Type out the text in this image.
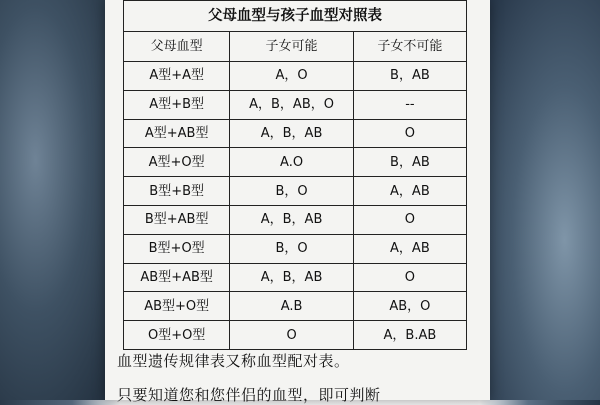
父母血型与孩子血型对照表		
父母血型	子女可能	子女不可能
A型+A型	A，O	B，AB
A型+B型	A，B，AB，O	--
A型+AB型	A，B，AB	O
A型+O型	A.O	B，AB
B型+B型	B，O	A，AB
B型+AB型	A，B，AB	O
B型+O型	B，O	A，AB
AB型+AB型	A，B，AB	O
AB型+O型	A.B	AB，O
O型+O型	O	A，B.AB
血型遗传规律表又称血型配对表。
只要知道您和您伴侣的血型，即可判断
